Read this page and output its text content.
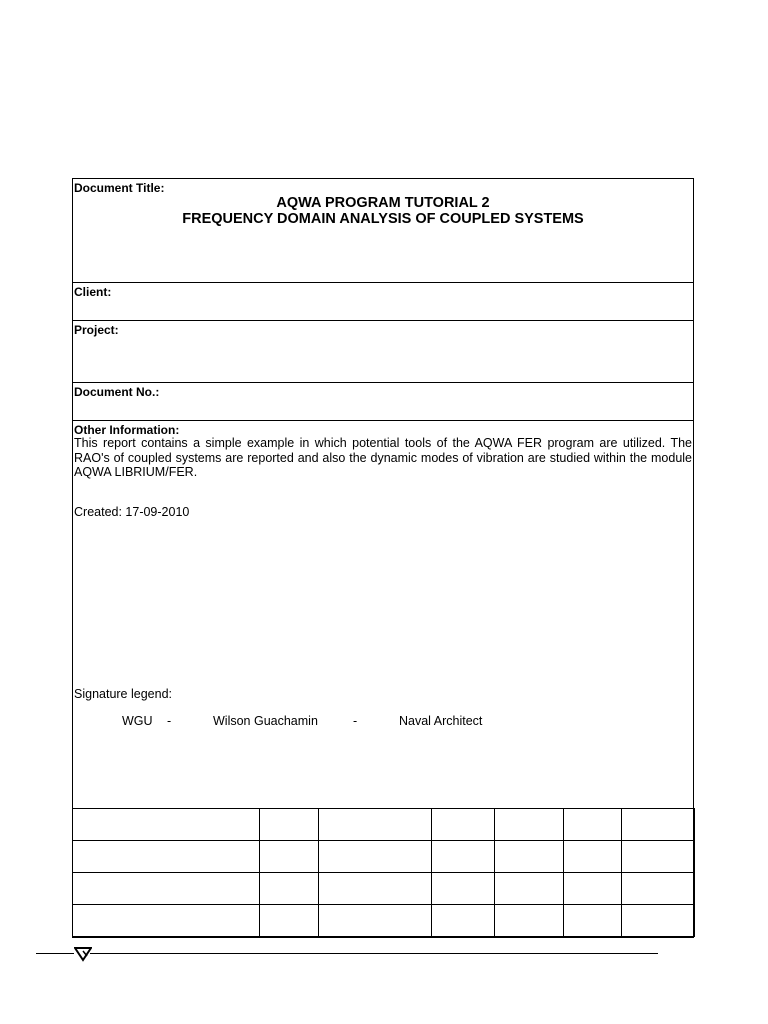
Document Title:
AQWA PROGRAM TUTORIAL 2
FREQUENCY DOMAIN ANALYSIS OF COUPLED SYSTEMS
Client:
Project:
Document No.:
Other Information:
This report contains a simple example in which potential tools of the AQWA FER program are utilized. The RAO's of coupled systems are reported and also the dynamic modes of vibration are studied within the module AQWA LIBRIUM/FER.
Created: 17-09-2010
Signature legend:
WGU -	Wilson Guachamin	-	Naval Architect
